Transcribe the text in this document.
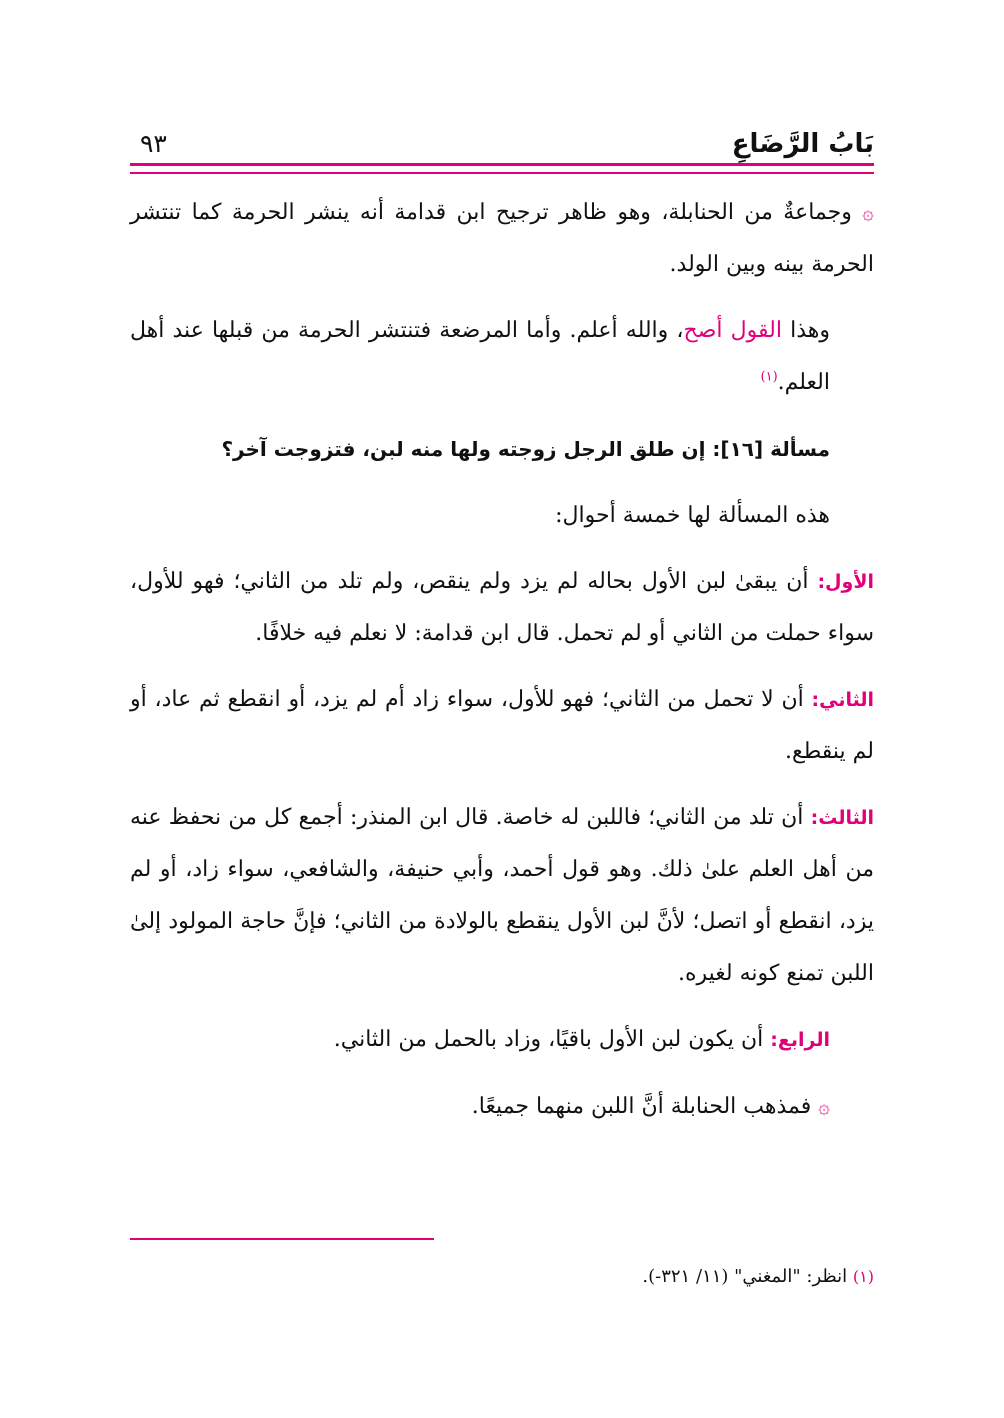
بَابُ الرَّضَاعِ
٩٣

۞ وجماعةٌ من الحنابلة، وهو ظاهر ترجيح ابن قدامة أنه ينشر الحرمة كما تنتشر الحرمة بينه وبين الولد.

وهذا القول أصح، والله أعلم. وأما المرضعة فتنتشر الحرمة من قبلها عند أهل العلم.$^{(١)}$

مسألة [١٦]: إن طلق الرجل زوجته ولها منه لبن، فتزوجت آخر؟

هذه المسألة لها خمسة أحوال:

الأول: أن يبقىٰ لبن الأول بحاله لم يزد ولم ينقص، ولم تلد من الثاني؛ فهو للأول، سواء حملت من الثاني أو لم تحمل. قال ابن قدامة: لا نعلم فيه خلافًا.

الثاني: أن لا تحمل من الثاني؛ فهو للأول، سواء زاد أم لم يزد، أو انقطع ثم عاد، أو لم ينقطع.

الثالث: أن تلد من الثاني؛ فاللبن له خاصة. قال ابن المنذر: أجمع كل من نحفظ عنه من أهل العلم علىٰ ذلك. وهو قول أحمد، وأبي حنيفة، والشافعي، سواء زاد، أو لم يزد، انقطع أو اتصل؛ لأنَّ لبن الأول ينقطع بالولادة من الثاني؛ فإنَّ حاجة المولود إلىٰ اللبن تمنع كونه لغيره.

الرابع: أن يكون لبن الأول باقيًا، وزاد بالحمل من الثاني.

۞ فمذهب الحنابلة أنَّ اللبن منهما جميعًا.

(١) انظر: "المغني" (١١/ ٣٢١-).
